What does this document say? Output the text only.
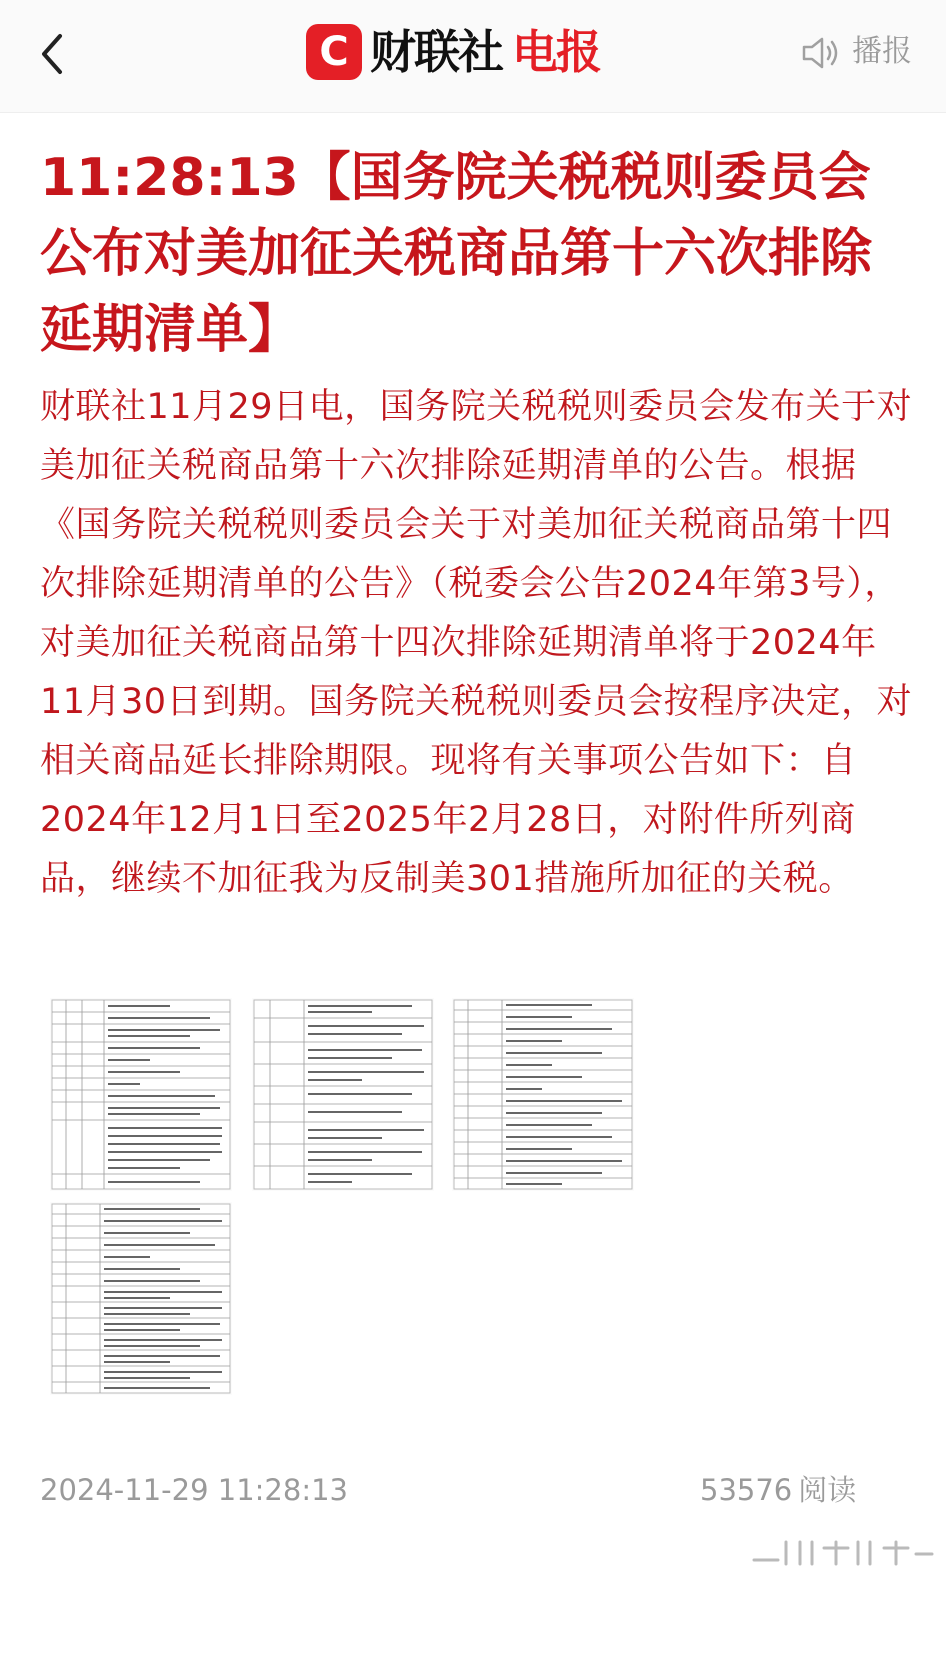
C 财联社 电报	播报
11:28:13【国务院关税税则委员会公布对美加征关税商品第十六次排除延期清单】

财联社11月29日电，国务院关税税则委员会发布关于对美加征关税商品第十六次排除延期清单的公告。根据《国务院关税税则委员会关于对美加征关税商品第十四次排除延期清单的公告》（税委会公告2024年第3号），对美加征关税商品第十四次排除延期清单将于2024年11月30日到期。国务院关税税则委员会按程序决定，对相关商品延长排除期限。现将有关事项公告如下：自2024年12月1日至2025年2月28日，对附件所列商品，继续不加征我为反制美301措施所加征的关税。

2024-11-29 11:28:13	53576 阅读
